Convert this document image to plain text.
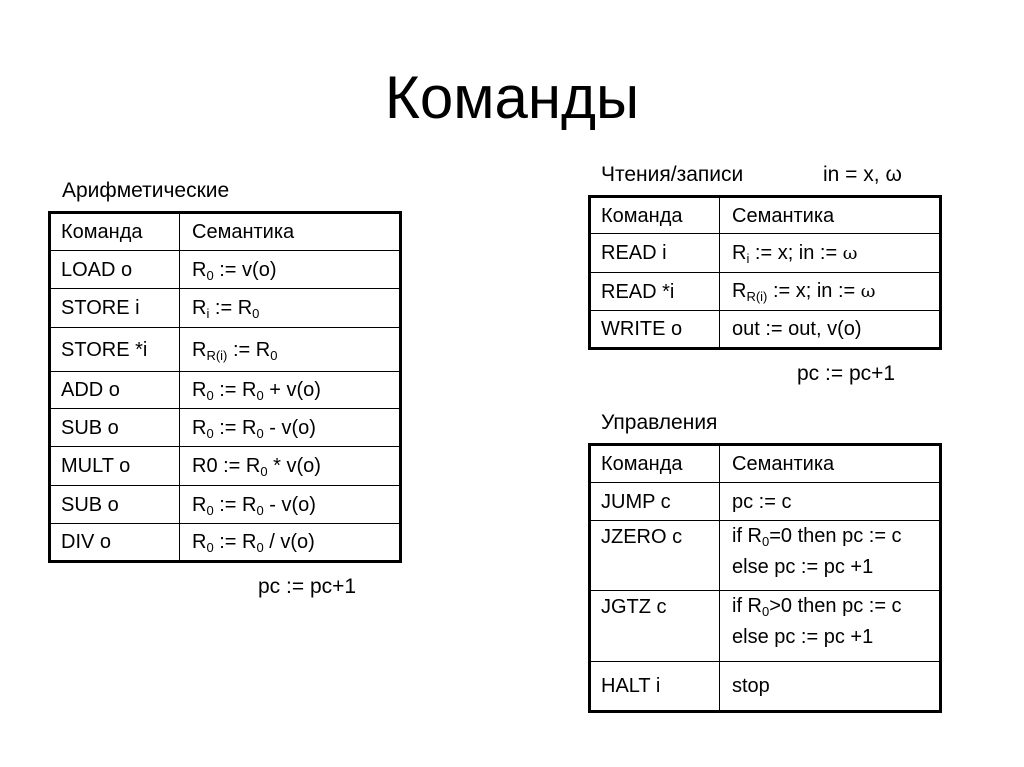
Команды
Арифметические
Команда	Семантика
LOAD o	$R_0$ := v(o)
STORE i	$R_i$ := $R_0$
STORE *i	$R_{R(i)}$ := $R_0$
ADD o	$R_0$ := $R_0 + v(o)$
SUB o	$R_0$ := $R_0 - v(o)$
MULT o	R0 := $R_0 * v(o)$
SUB o	$R_0$ := $R_0 - v(o)$
DIV o	$R_0$ := $R_0 / v(o)$
pc := pc+1
Чтения/записи	in = x, ω
Команда	Семантика
READ i	$R_i$ := x; in := ω
READ *i	$R_{R(i)}$ := x; in := ω
WRITE o	out := out, v(o)
pc := pc+1
Управления
Команда	Семантика
JUMP c	pc := c
JZERO c	if $R_0=0$ then pc := c
else pc := pc +1

JGTZ c	if $R_0>0$ then pc := c
else pc := pc +1

HALT i	stop
